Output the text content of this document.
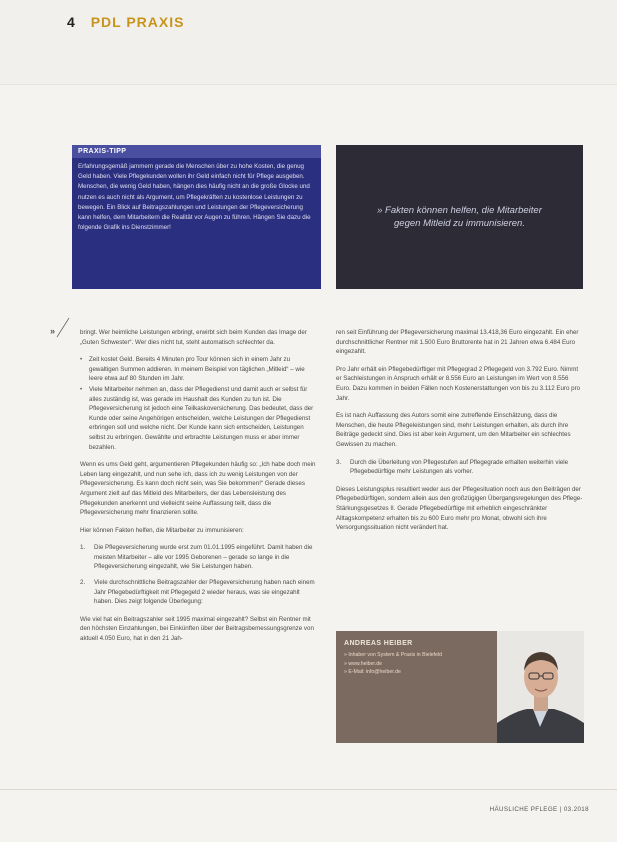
4 PDL PRAXIS
PRAXIS-TIPP
Erfahrungsgemäß jammern gerade die Menschen über zu hohe Kosten, die genug Geld haben. Viele Pflegekunden wollen ihr Geld einfach nicht für Pflege ausgeben. Menschen, die wenig Geld haben, hängen dies häufig nicht an die große Glocke und nutzen es auch nicht als Argument, um Pflegekräften zu kostenlose Leistungen zu bewegen. Ein Blick auf Beitragszahlungen und Leistungen der Pflegeversicherung kann helfen, dem Mitarbeitern die Realität vor Augen zu führen. Hängen Sie dazu die folgende Grafik ins Dienstzimmer!

» Fakten können helfen, die Mitarbeiter gegen Mitleid zu immunisieren.

»	bringt. Wer heimliche Leistungen erbringt, erwirbt sich beim Kunden das Image der „Guten Schwester“. Wer dies nicht tut, steht automatisch schlechter da.

• Zeit kostet Geld. Bereits 4 Minuten pro Tour können sich in einem Jahr zu gewaltigen Summen addieren. In meinem Beispiel von täglichen „Mitleid“ – wie leere etwa auf 80 Stunden im Jahr.
• Viele Mitarbeiter nehmen an, dass der Pflegedienst und damit auch er selbst für alles zuständig ist, was gerade im Haushalt des Kunden zu tun ist. Die Pflegeversicherung ist jedoch eine Teilkaskoversicherung. Das bedeutet, dass der Kunde oder seine Angehörigen entscheiden, welche Leistungen der Pflegedienst erbringen soll und welche nicht. Der Kunde kann sich entscheiden, Leistungen selbst zu erbringen. Gewählte und erbrachte Leistungen muss er aber immer bezahlen.

Wenn es ums Geld geht, argumentieren Pflegekunden häufig so: „Ich habe doch mein Leben lang eingezahlt, und nun sehe ich, dass ich zu wenig Leistungen von der Pflegeversicherung. Es kann doch nicht sein, was Sie bekommen!“ Gerade dieses Argument zielt auf das Mitleid des Mitarbeiters, der das Lebensleistung des Pflegekunden anerkennt und vielleicht seine Auffassung teilt, dass die Pflegeversicherung mehr finanzieren sollte.

Hier können Fakten helfen, die Mitarbeiter zu immunisieren:

1.	Die Pflegeversicherung wurde erst zum 01.01.1995 eingeführt. Damit haben die meisten Mitarbeiter – alle vor 1995 Geborenen – gerade so lange in die Pflegeversicherung eingezahlt, wie Sie Leistungen haben.
2.	Viele durchschnittliche Beitragszahler der Pflegeversicherung haben nach einem Jahr Pflegebedürftigkeit mit Pflegegeld 2 wieder heraus, was sie eingezahlt haben. Dies zeigt folgende Überlegung:

Wie viel hat ein Beitragszahler seit 1995 maximal eingezahlt? Selbst ein Rentner mit den höchsten Einzahlungen, bei Einkünften über der Beitragsbemessungsgrenze von aktuell 4.050 Euro, hat in den 21 Jah-

ren seit Einführung der Pflegeversicherung maximal 13.418,36 Euro eingezahlt. Ein eher durchschnittlicher Rentner mit 1.500 Euro Bruttorente hat in 21 Jahren etwa 6.484 Euro eingezahlt.

Pro Jahr erhält ein Pflegebedürftiger mit Pflegegrad 2 Pflegegeld von 3.792 Euro. Nimmt er Sachleistungen in Anspruch erhält er 8.556 Euro an Leistungen im Wert von 8.556 Euro. Dazu kommen in beiden Fällen noch Kostenerstattungen von bis zu 3.112 Euro pro Jahr.

Es ist nach Auffassung des Autors somit eine zutreffende Einschätzung, dass die Menschen, die heute Pflegeleistungen sind, mehr Leistungen erhalten, als durch ihre Beiträge gedeckt sind. Dies ist aber kein Argument, um den Mitarbeiter ein schlechtes Gewissen zu machen.

3.	Durch die Überleitung von Pflegestufen auf Pflegegrade erhalten weiterhin viele Pflegebedürftige mehr Leistungen als vorher.

Dieses Leistungsplus resultiert weder aus der Pflegesituation noch aus den Beiträgen der Pflegebedürftigen, sondern allein aus den großzügigen Übergangsregelungen des Pflege-Stärkungsgesetzes II. Gerade Pflegebedürftige mit erheblich eingeschränkter Alltagskompetenz erhalten bis zu 600 Euro mehr pro Monat, obwohl sich ihre Versorgungssituation nicht verändert hat.

ANDREAS HEIBER
» Inhaber von System & Praxis in Bielefeld
» www.heiber.de
» E-Mail: info@heiber.de
HÄUSLICHE PFLEGE | 03.2018
